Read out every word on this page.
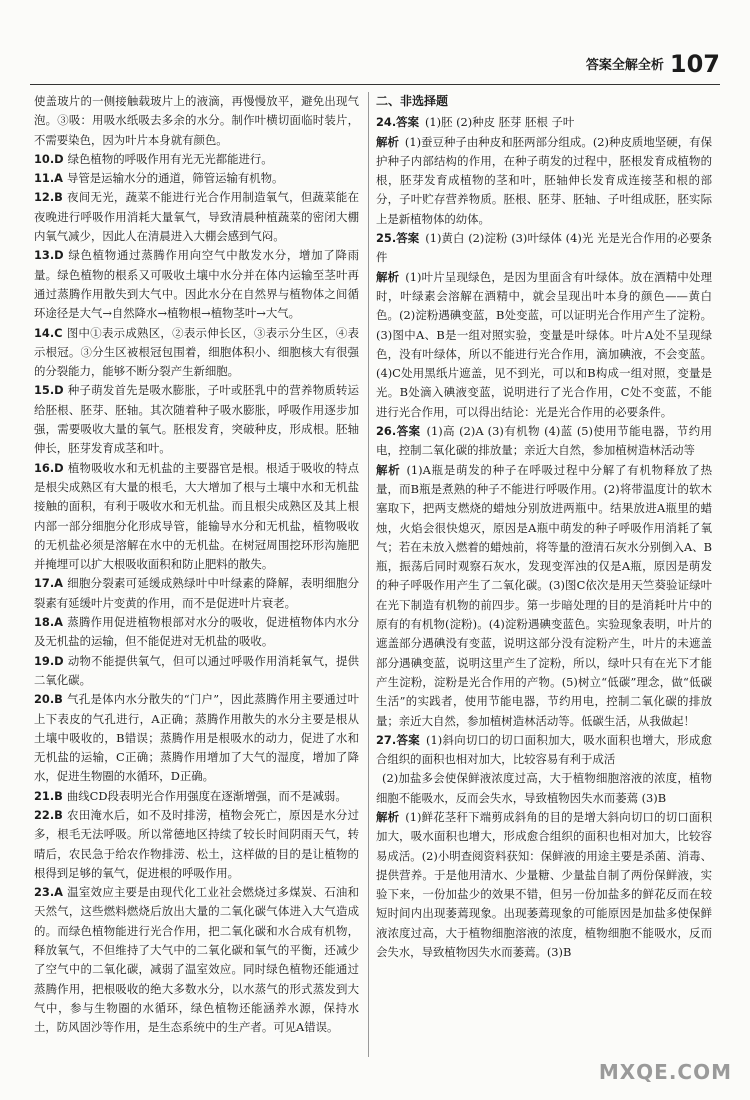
答案全解全析 107

使盖玻片的一侧接触载玻片上的液滴，再慢慢放平，避免出现气泡。③吸：用吸水纸吸去多余的水分。制作叶横切面临时装片，不需要染色，因为叶片本身就有颜色。

10.D 绿色植物的呼吸作用有光无光都能进行。

11.A 导管是运输水分的通道，筛管运输有机物。

12.B 夜间无光，蔬菜不能进行光合作用制造氧气，但蔬菜能在夜晚进行呼吸作用消耗大量氧气，导致清晨种植蔬菜的密闭大棚内氧气减少，因此人在清晨进入大棚会感到气闷。

13.D 绿色植物通过蒸腾作用向空气中散发水分，增加了降雨量。绿色植物的根系又可吸收土壤中水分并在体内运输至茎叶再通过蒸腾作用散失到大气中。因此水分在自然界与植物体之间循环途径是大气→自然降水→植物根→植物茎叶→大气。

14.C 图中①表示成熟区，②表示伸长区，③表示分生区，④表示根冠。③分生区被根冠包围着，细胞体积小、细胞核大有很强的分裂能力，能够不断分裂产生新细胞。

15.D 种子萌发首先是吸水膨胀，子叶或胚乳中的营养物质转运给胚根、胚芽、胚轴。其次随着种子吸水膨胀，呼吸作用逐步加强，需要吸收大量的氧气。胚根发育，突破种皮，形成根。胚轴伸长，胚芽发育成茎和叶。

16.D 植物吸收水和无机盐的主要器官是根。根适于吸收的特点是根尖成熟区有大量的根毛，大大增加了根与土壤中水和无机盐接触的面积，有利于吸收水和无机盐。而且根尖成熟区及其上根内部一部分细胞分化形成导管，能输导水分和无机盐，植物吸收的无机盐必须是溶解在水中的无机盐。在树冠周围挖环形沟施肥并掩埋可以扩大根吸收面积和防止肥料的散失。

17.A 细胞分裂素可延缓成熟绿叶中叶绿素的降解，表明细胞分裂素有延缓叶片变黄的作用，而不是促进叶片衰老。

18.A 蒸腾作用促进植物根部对水分的吸收，促进植物体内水分及无机盐的运输，但不能促进对无机盐的吸收。

19.D 动物不能提供氧气，但可以通过呼吸作用消耗氧气，提供二氧化碳。

20.B 气孔是体内水分散失的“门户”，因此蒸腾作用主要通过叶上下表皮的气孔进行，A正确；蒸腾作用散失的水分主要是根从土壤中吸收的，B错误；蒸腾作用是根吸水的动力，促进了水和无机盐的运输，C正确；蒸腾作用增加了大气的湿度，增加了降水，促进生物圈的水循环，D正确。

21.B 曲线CD段表明光合作用强度在逐渐增强，而不是减弱。

22.B 农田淹水后，如不及时排涝，植物会死亡，原因是水分过多，根毛无法呼吸。所以常德地区持续了较长时间阴雨天气，转晴后，农民急于给农作物排涝、松土，这样做的目的是让植物的根得到足够的氧气，促进根的呼吸作用。

23.A 温室效应主要是由现代化工业社会燃烧过多煤炭、石油和天然气，这些燃料燃烧后放出大量的二氧化碳气体进入大气造成的。而绿色植物能进行光合作用，把二氧化碳和水合成有机物，释放氧气，不但维持了大气中的二氧化碳和氧气的平衡，还减少了空气中的二氧化碳，减弱了温室效应。同时绿色植物还能通过蒸腾作用，把根吸收的绝大多数水分，以水蒸气的形式蒸发到大气中，参与生物圈的水循环，绿色植物还能涵养水源，保持水土，防风固沙等作用，是生态系统中的生产者。可见A错误。

二、非选择题

24.答案 (1)胚 (2)种皮 胚芽 胚根 子叶

解析 (1)蚕豆种子由种皮和胚两部分组成。(2)种皮质地坚硬，有保护种子内部结构的作用，在种子萌发的过程中，胚根发育成植物的根，胚芽发育成植物的茎和叶，胚轴伸长发育成连接茎和根的部分，子叶贮存营养物质。胚根、胚芽、胚轴、子叶组成胚，胚实际上是新植物体的幼体。

25.答案 (1)黄白 (2)淀粉 (3)叶绿体 (4)光 光是光合作用的必要条件

解析 (1)叶片呈现绿色，是因为里面含有叶绿体。放在酒精中处理时，叶绿素会溶解在酒精中，就会呈现出叶本身的颜色——黄白色。(2)淀粉遇碘变蓝，B处变蓝，可以证明光合作用产生了淀粉。(3)图中A、B是一组对照实验，变量是叶绿体。叶片A处不呈现绿色，没有叶绿体，所以不能进行光合作用，滴加碘液，不会变蓝。(4)C处用黑纸片遮盖，见不到光，可以和B构成一组对照，变量是光。B处滴入碘液变蓝，说明进行了光合作用，C处不变蓝，不能进行光合作用，可以得出结论：光是光合作用的必要条件。

26.答案 (1)高 (2)A (3)有机物 (4)蓝 (5)使用节能电器，节约用电，控制二氧化碳的排放量；亲近大自然，参加植树造林活动等

解析 (1)A瓶是萌发的种子在呼吸过程中分解了有机物释放了热量，而B瓶是煮熟的种子不能进行呼吸作用。(2)将带温度计的软木塞取下，把两支燃烧的蜡烛分别放进两瓶中。结果放进A瓶里的蜡烛，火焰会很快熄灭，原因是A瓶中萌发的种子呼吸作用消耗了氧气；若在未放入燃着的蜡烛前，将等量的澄清石灰水分别倒入A、B瓶，振荡后同时观察石灰水，发现变浑浊的仅是A瓶，原因是萌发的种子呼吸作用产生了二氧化碳。(3)图C依次是用天竺葵验证绿叶在光下制造有机物的前四步。第一步暗处理的目的是消耗叶片中的原有的有机物(淀粉)。(4)淀粉遇碘变蓝色。实验现象表明，叶片的遮盖部分遇碘没有变蓝，说明这部分没有淀粉产生，叶片的未遮盖部分遇碘变蓝，说明这里产生了淀粉，所以，绿叶只有在光下才能产生淀粉，淀粉是光合作用的产物。(5)树立“低碳”理念，做“低碳生活”的实践者，使用节能电器，节约用电，控制二氧化碳的排放量；亲近大自然，参加植树造林活动等。低碳生活，从我做起！

27.答案 (1)斜向切口的切口面积加大，吸水面积也增大，形成愈合组织的面积也相对加大，比较容易有利于成活

(2)加盐多会使保鲜液浓度过高，大于植物细胞溶液的浓度，植物细胞不能吸水，反而会失水，导致植物因失水而萎蔫 (3)B

解析 (1)鲜花茎秆下端剪成斜角的目的是增大斜向切口的切口面积加大，吸水面积也增大，形成愈合组织的面积也相对加大，比较容易成活。(2)小明查阅资料获知：保鲜液的用途主要是杀菌、消毒、提供营养。于是他用清水、少量糖、少量盐自制了两份保鲜液，实验下来，一份加盐少的效果不错，但另一份加盐多的鲜花反而在较短时间内出现萎蔫现象。出现萎蔫现象的可能原因是加盐多使保鲜液浓度过高，大于植物细胞溶液的浓度，植物细胞不能吸水，反而会失水，导致植物因失水而萎蔫。(3)B

MXQE.COM
